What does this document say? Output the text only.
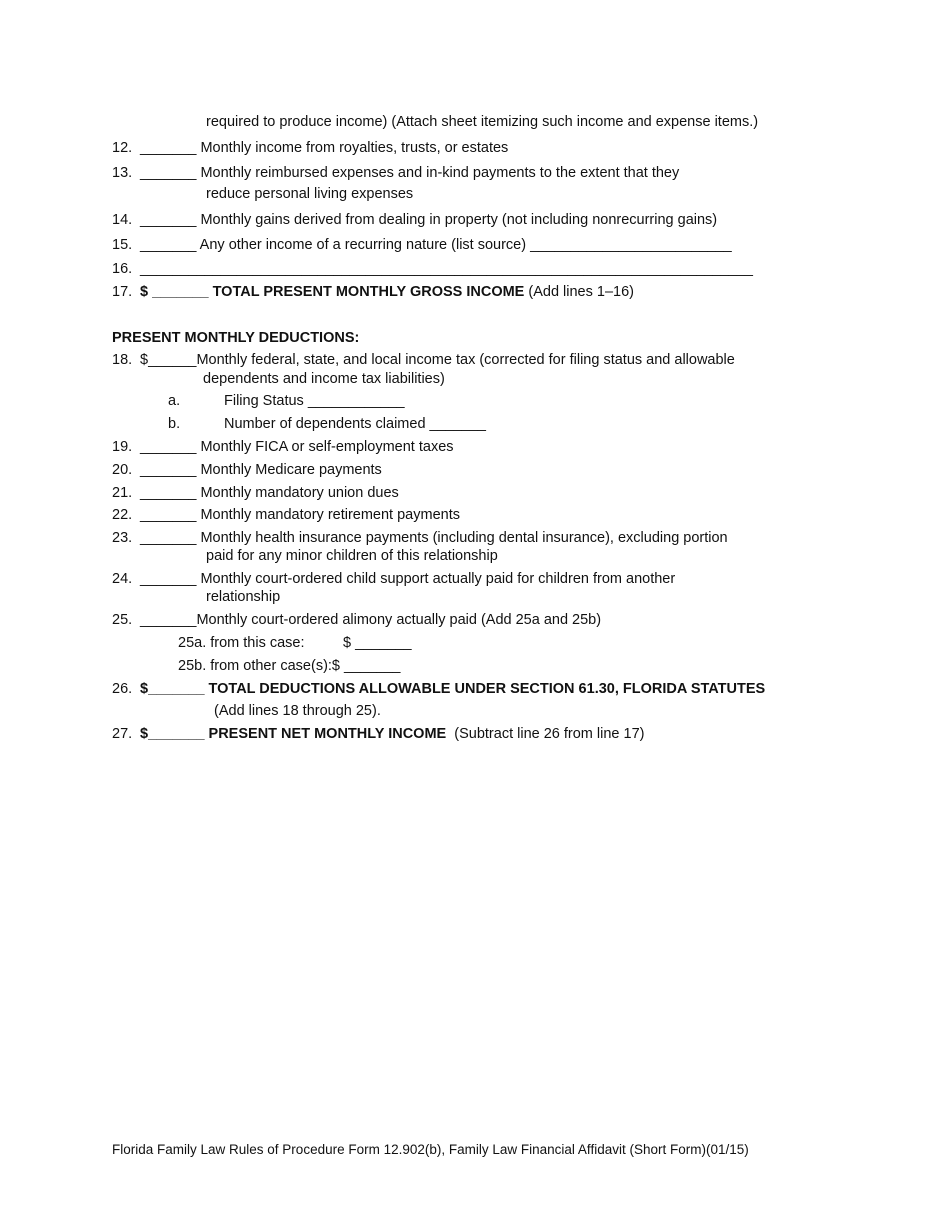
required to produce income) (Attach sheet itemizing such income and expense items.)
12. _______ Monthly income from royalties, trusts, or estates
13. _______ Monthly reimbursed expenses and in-kind payments to the extent that they
reduce personal living expenses
14. _______ Monthly gains derived from dealing in property (not including nonrecurring gains)
15. _______ Any other income of a recurring nature (list source) _________________________
16. ____________________________________________________________________________
17. $ _______ TOTAL PRESENT MONTHLY GROSS INCOME (Add lines 1–16)
PRESENT MONTHLY DEDUCTIONS:
18. $______Monthly federal, state, and local income tax (corrected for filing status and allowable
dependents and income tax liabilities)
a.	Filing Status ____________
b.	Number of dependents claimed _______
19. _______ Monthly FICA or self-employment taxes
20. _______ Monthly Medicare payments
21. _______ Monthly mandatory union dues
22. _______ Monthly mandatory retirement payments
23. _______ Monthly health insurance payments (including dental insurance), excluding portion
paid for any minor children of this relationship
24. _______ Monthly court-ordered child support actually paid for children from another
relationship
25. _______Monthly court-ordered alimony actually paid (Add 25a and 25b)
25a. from this case:	$ _______
25b. from other case(s):$ _______
26. $_______ TOTAL DEDUCTIONS ALLOWABLE UNDER SECTION 61.30, FLORIDA STATUTES
(Add lines 18 through 25).
27. $_______ PRESENT NET MONTHLY INCOME  (Subtract line 26 from line 17)
Florida Family Law Rules of Procedure Form 12.902(b), Family Law Financial Affidavit (Short Form)(01/15)
